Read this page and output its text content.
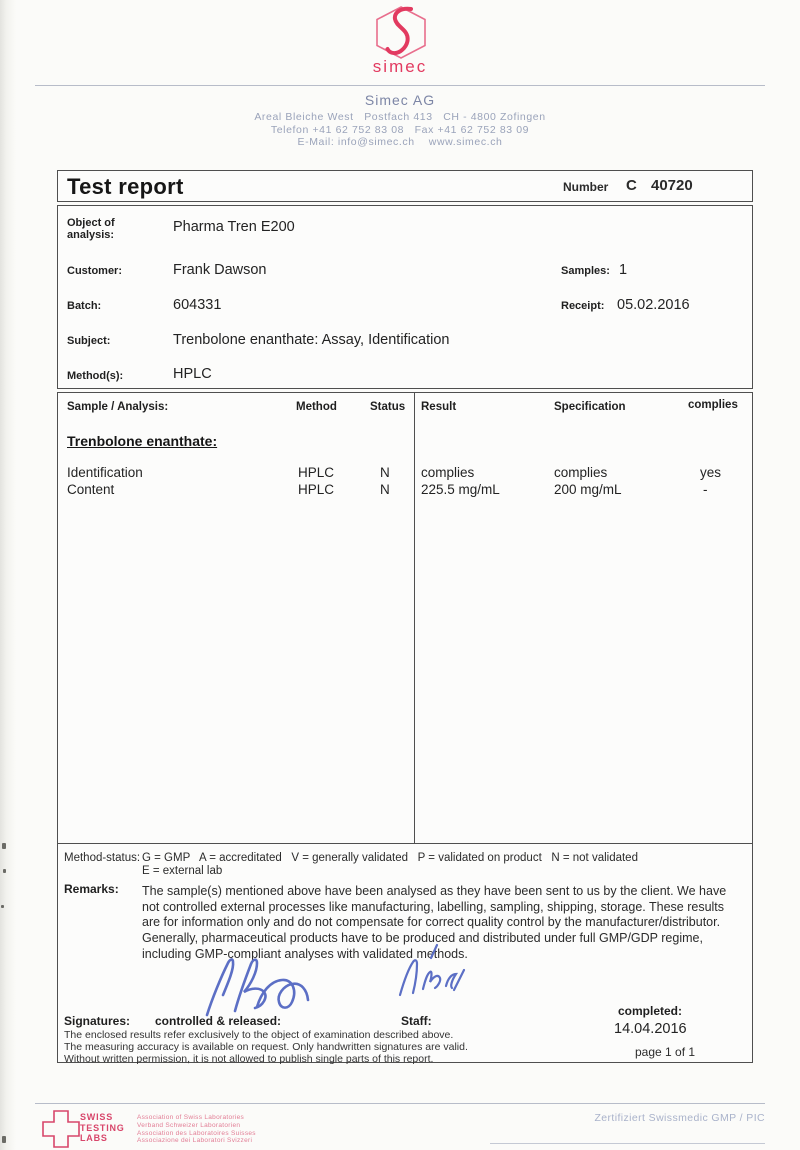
simec
Simec AG
Areal Bleiche West   Postfach 413   CH - 4800 Zofingen
Telefon +41 62 752 83 08   Fax +41 62 752 83 09
E-Mail: info@simec.ch    www.simec.ch
Test report	Number C 40720
Object of
analysis:	Pharma Tren E200
Customer:	Frank Dawson	Samples: 1
Batch:	604331	Receipt: 05.02.2016
Subject:	Trenbolone enanthate: Assay, Identification
Method(s):	HPLC
Sample / Analysis:	Method	Status Result	Specification	complies
Trenbolone enanthate:
Identification	HPLC	N complies	complies	yes
Content	HPLC	N 225.5 mg/mL	200 mg/mL	-
Method-status: G = GMP   A = accreditated   V = generally validated   P = validated on product   N = not validated
E = external lab
Remarks: The sample(s) mentioned above have been analysed as they have been sent to us by the client. We have not controlled external processes like manufacturing, labelling, sampling, shipping, storage. These results are for information only and do not compensate for correct quality control by the manufacturer/distributor. Generally, pharmaceutical products have to be produced and distributed under full GMP/GDP regime, including GMP-compliant analyses with validated methods.
Signatures: controlled & released:	Staff:
The enclosed results refer exclusively to the object of examination described above.
The measuring accuracy is available on request. Only handwritten signatures are valid.
Without written permission, it is not allowed to publish single parts of this report.
completed:
14.04.2016
page 1 of 1
SWISS
TESTING
LABS
Association of Swiss Laboratories
Verband Schweizer Laboratorien
Association des Laboratoires Suisses
Associazione dei Laboratori Svizzeri
Zertifiziert Swissmedic GMP / PIC
